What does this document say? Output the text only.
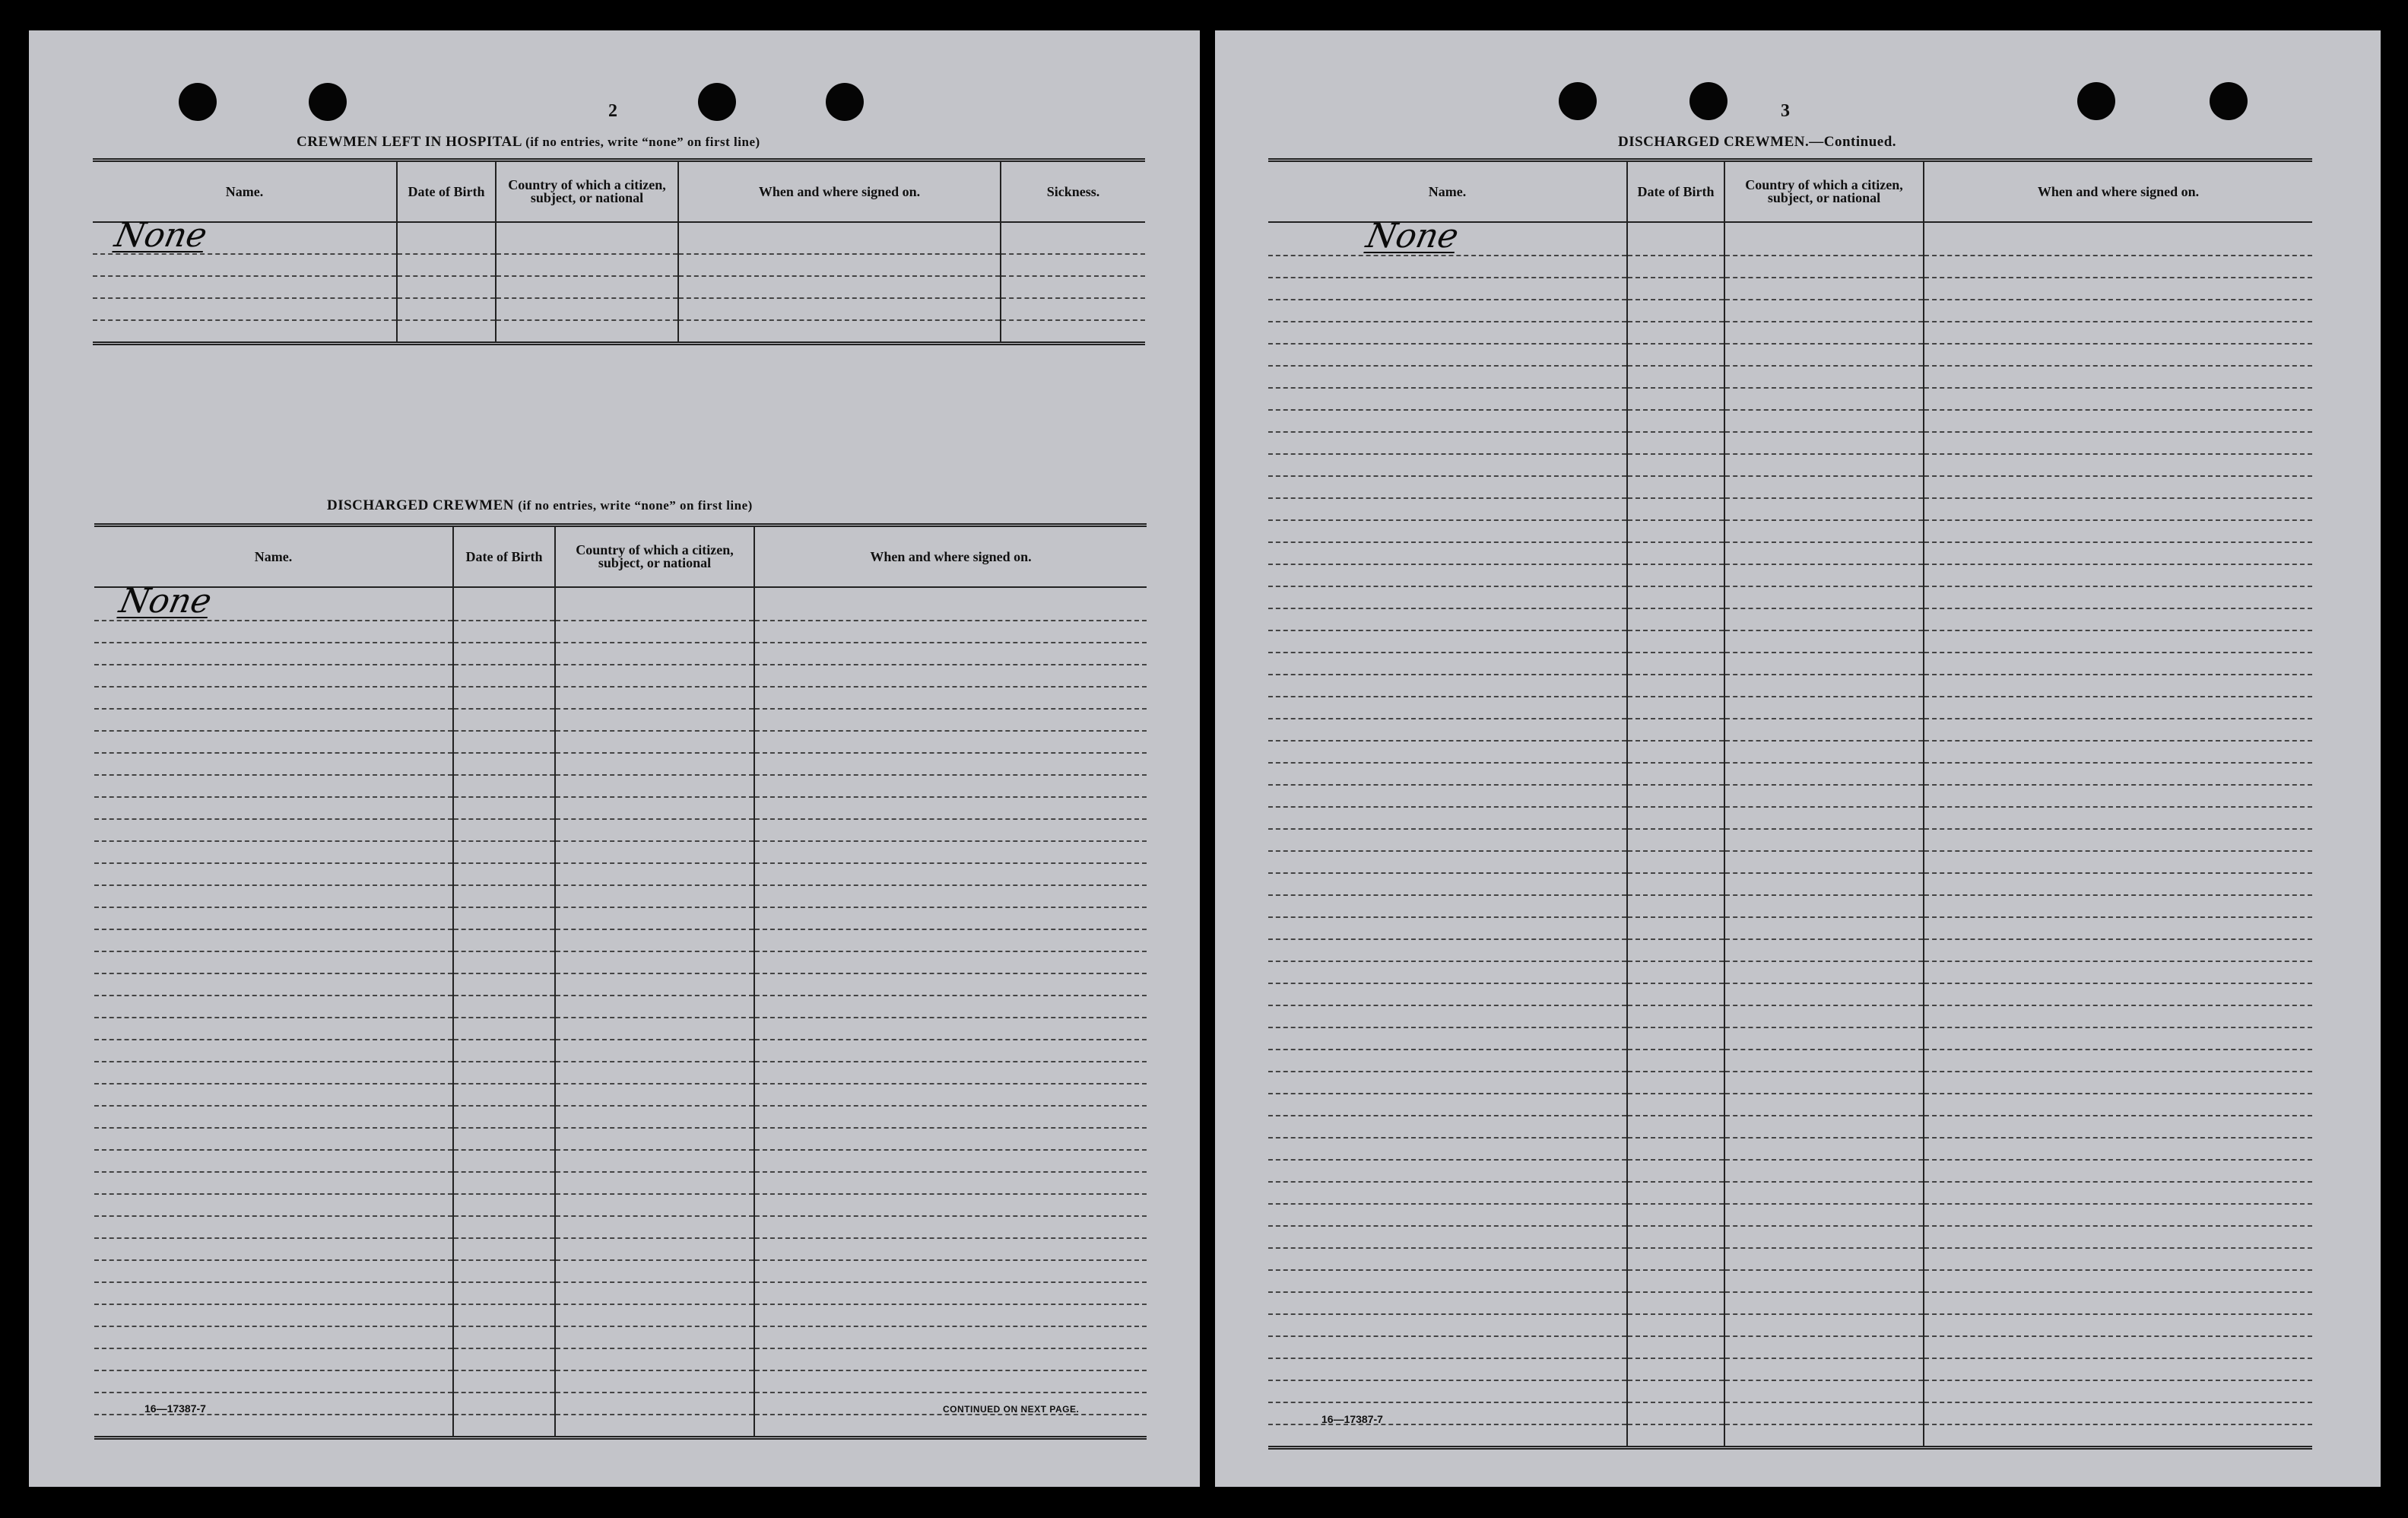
2
CREWMEN LEFT IN HOSPITAL (if no entries, write “none” on first line)
Name.	Date of Birth	Country of which a citizen, subject, or national	When and where signed on.	Sickness.
None				

DISCHARGED CREWMEN (if no entries, write “none” on first line)
Name.	Date of Birth	Country of which a citizen, subject, or national	When and where signed on.
None			

16—17387-7	CONTINUED ON NEXT PAGE.
3
DISCHARGED CREWMEN.—Continued.
Name.	Date of Birth	Country of which a citizen, subject, or national	When and where signed on.
None			

16—17387-7
